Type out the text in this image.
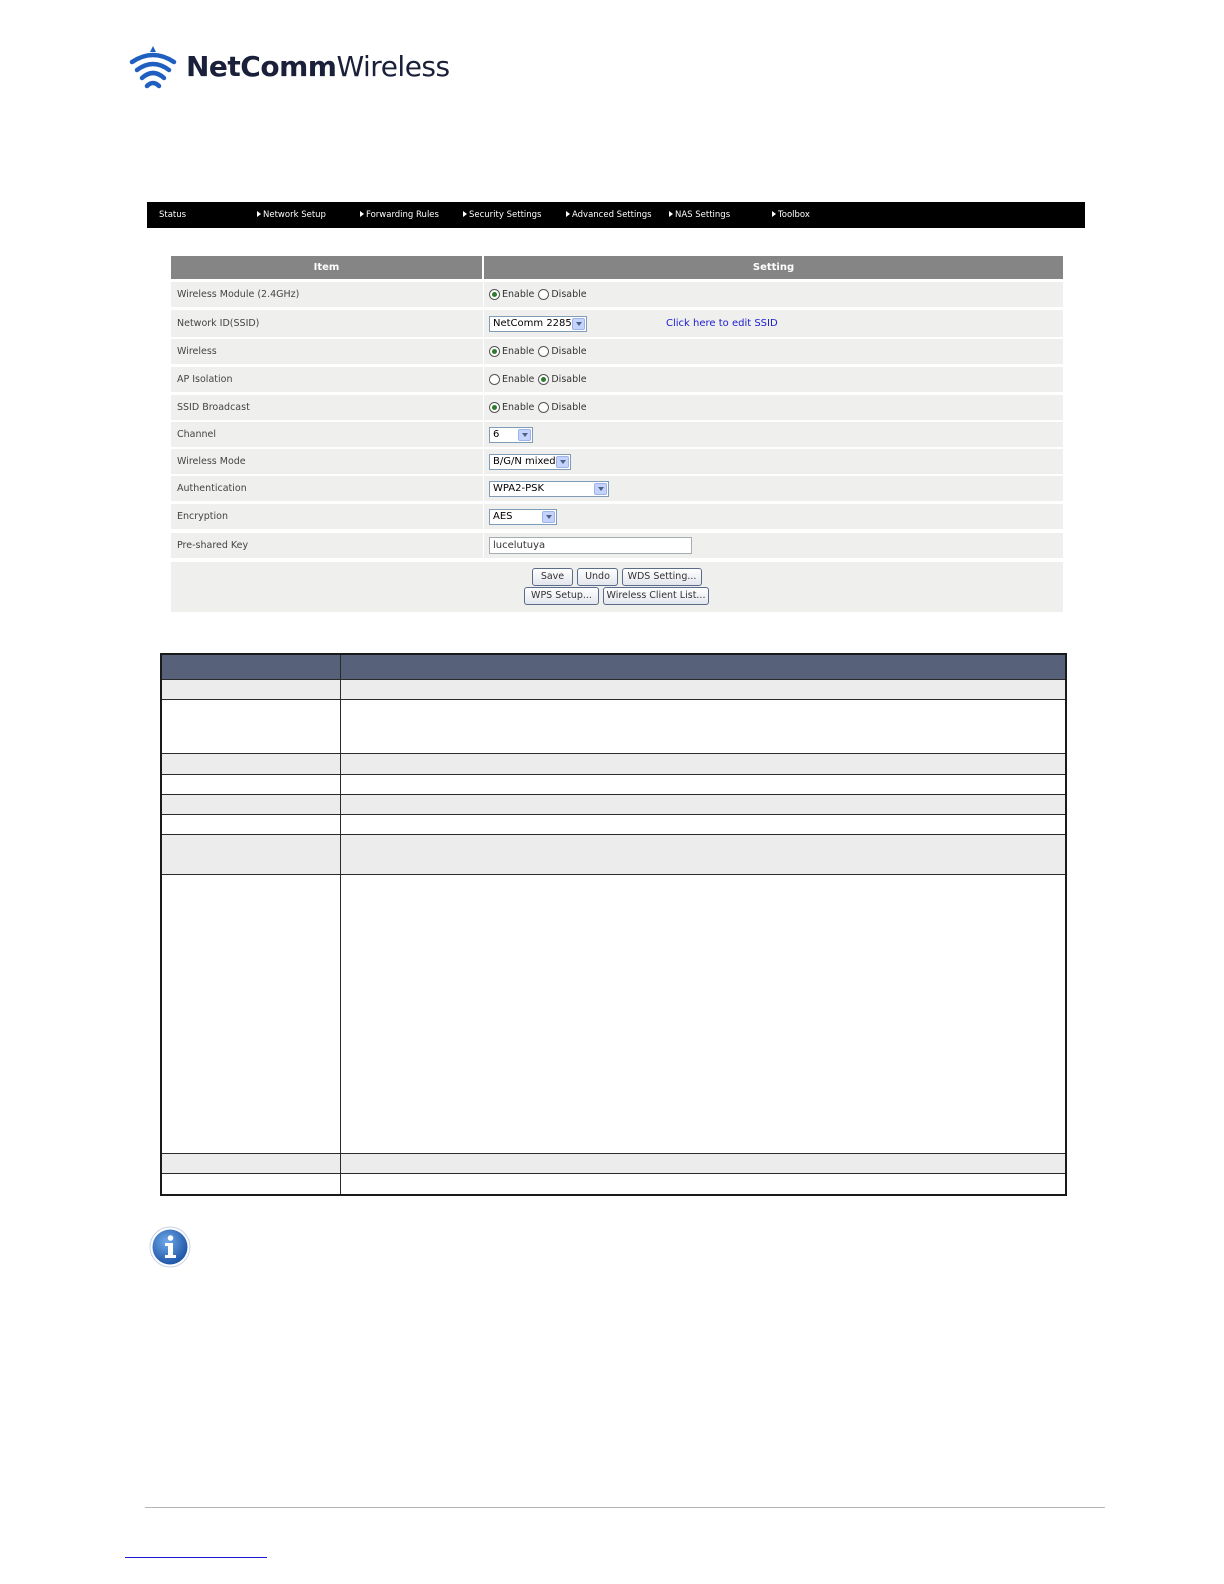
NetCommWireless
Status	Network Setup	Forwarding Rules	Security Settings	Advanced Settings	NAS Settings	Toolbox
Item	Setting
Wireless Module (2.4GHz)	Enable Disable
Network ID(SSID)	NetComm 2285	Click here to edit SSID
Wireless	Enable Disable
AP Isolation	Enable Disable
SSID Broadcast	Enable Disable
Channel	6
Wireless Mode	B/G/N mixed
Authentication	WPA2-PSK
Encryption	AES
Pre-shared Key	lucelutuya
Save	Undo	WDS Setting...
WPS Setup...	Wireless Client List...
